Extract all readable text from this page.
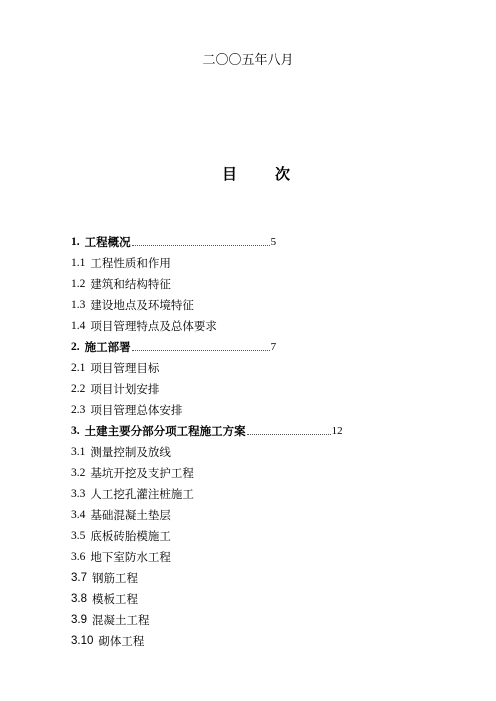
二〇〇五年八月
目	次
1. 工程概况	5
1.1 工程性质和作用
1.2 建筑和结构特征
1.3 建设地点及环境特征
1.4 项目管理特点及总体要求
2. 施工部署	7
2.1 项目管理目标
2.2 项目计划安排
2.3 项目管理总体安排
3. 土建主要分部分项工程施工方案	12
3.1 测量控制及放线
3.2 基坑开挖及支护工程
3.3 人工挖孔灌注桩施工
3.4 基础混凝土垫层
3.5 底板砖胎模施工
3.6 地下室防水工程
3.7 钢筋工程
3.8 模板工程
3.9 混凝土工程
3.10 砌体工程
